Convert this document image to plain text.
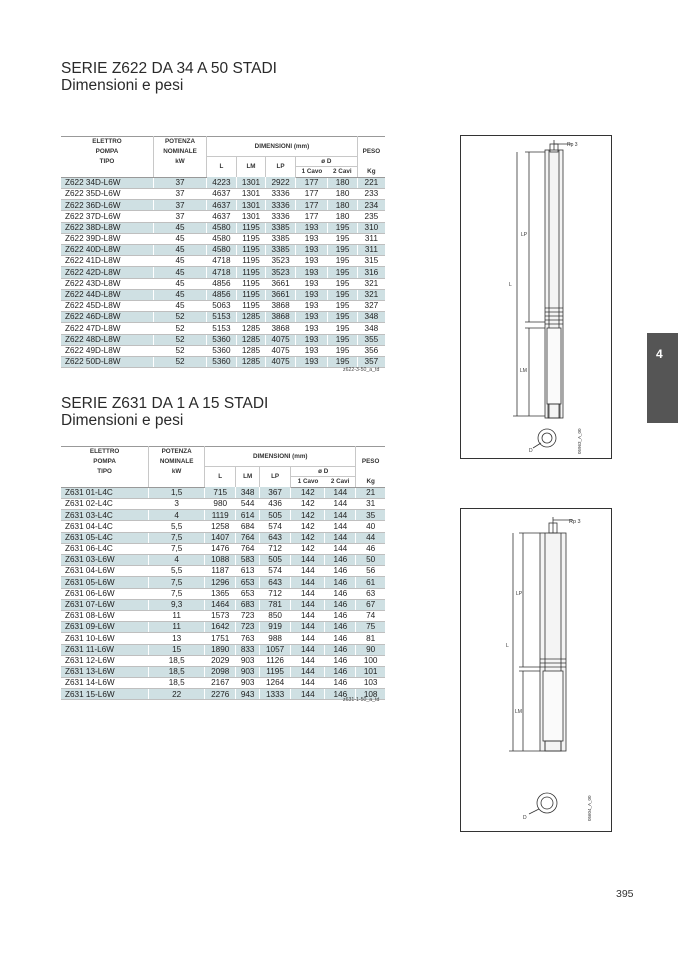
SERIE Z622 DA 34 A 50 STADI
Dimensioni e pesi
ELETTRO	POTENZA	DIMENSIONI (mm)					PESO
POMPA	NOMINALE						
TIPO	kW	L	LM	LP	ø D		
					1 Cavo	2 Cavi	Kg
Z622 34D-L6W	37	4223	1301	2922	177	180	221
Z622 35D-L6W	37	4637	1301	3336	177	180	233
Z622 36D-L6W	37	4637	1301	3336	177	180	234
Z622 37D-L6W	37	4637	1301	3336	177	180	235
Z622 38D-L8W	45	4580	1195	3385	193	195	310
Z622 39D-L8W	45	4580	1195	3385	193	195	311
Z622 40D-L8W	45	4580	1195	3385	193	195	311
Z622 41D-L8W	45	4718	1195	3523	193	195	315
Z622 42D-L8W	45	4718	1195	3523	193	195	316
Z622 43D-L8W	45	4856	1195	3661	193	195	321
Z622 44D-L8W	45	4856	1195	3661	193	195	321
Z622 45D-L8W	45	5063	1195	3868	193	195	327
Z622 46D-L8W	52	5153	1285	3868	193	195	348
Z622 47D-L8W	52	5153	1285	3868	193	195	348
Z622 48D-L8W	52	5360	1285	4075	193	195	355
Z622 49D-L8W	52	5360	1285	4075	193	195	356
Z622 50D-L8W	52	5360	1285	4075	193	195	357
z622-3-50_a_td
SERIE Z631 DA 1 A 15 STADI
Dimensioni e pesi
ELETTRO	POTENZA	DIMENSIONI (mm)					PESO
POMPA	NOMINALE						
TIPO	kW	L	LM	LP	ø D		
					1 Cavo	2 Cavi	Kg
Z631 01-L4C	1,5	715	348	367	142	144	21
Z631 02-L4C	3	980	544	436	142	144	31
Z631 03-L4C	4	1119	614	505	142	144	35
Z631 04-L4C	5,5	1258	684	574	142	144	40
Z631 05-L4C	7,5	1407	764	643	142	144	44
Z631 06-L4C	7,5	1476	764	712	142	144	46
Z631 03-L6W	4	1088	583	505	144	146	50
Z631 04-L6W	5,5	1187	613	574	144	146	56
Z631 05-L6W	7,5	1296	653	643	144	146	61
Z631 06-L6W	7,5	1365	653	712	144	146	63
Z631 07-L6W	9,3	1464	683	781	144	146	67
Z631 08-L6W	11	1573	723	850	144	146	74
Z631 09-L6W	11	1642	723	919	144	146	75
Z631 10-L6W	13	1751	763	988	144	146	81
Z631 11-L6W	15	1890	833	1057	144	146	90
Z631 12-L6W	18,5	2029	903	1126	144	146	100
Z631 13-L6W	18,5	2098	903	1195	144	146	101
Z631 14-L6W	18,5	2167	903	1264	144	146	103
Z631 15-L6W	22	2276	943	1333	144	146	108
z631-1-50_a_td
Rp 3
LP
L
LM
D	05963_A_00
Rp 3
LP
L
LM
D	05604_A_00
4
395
